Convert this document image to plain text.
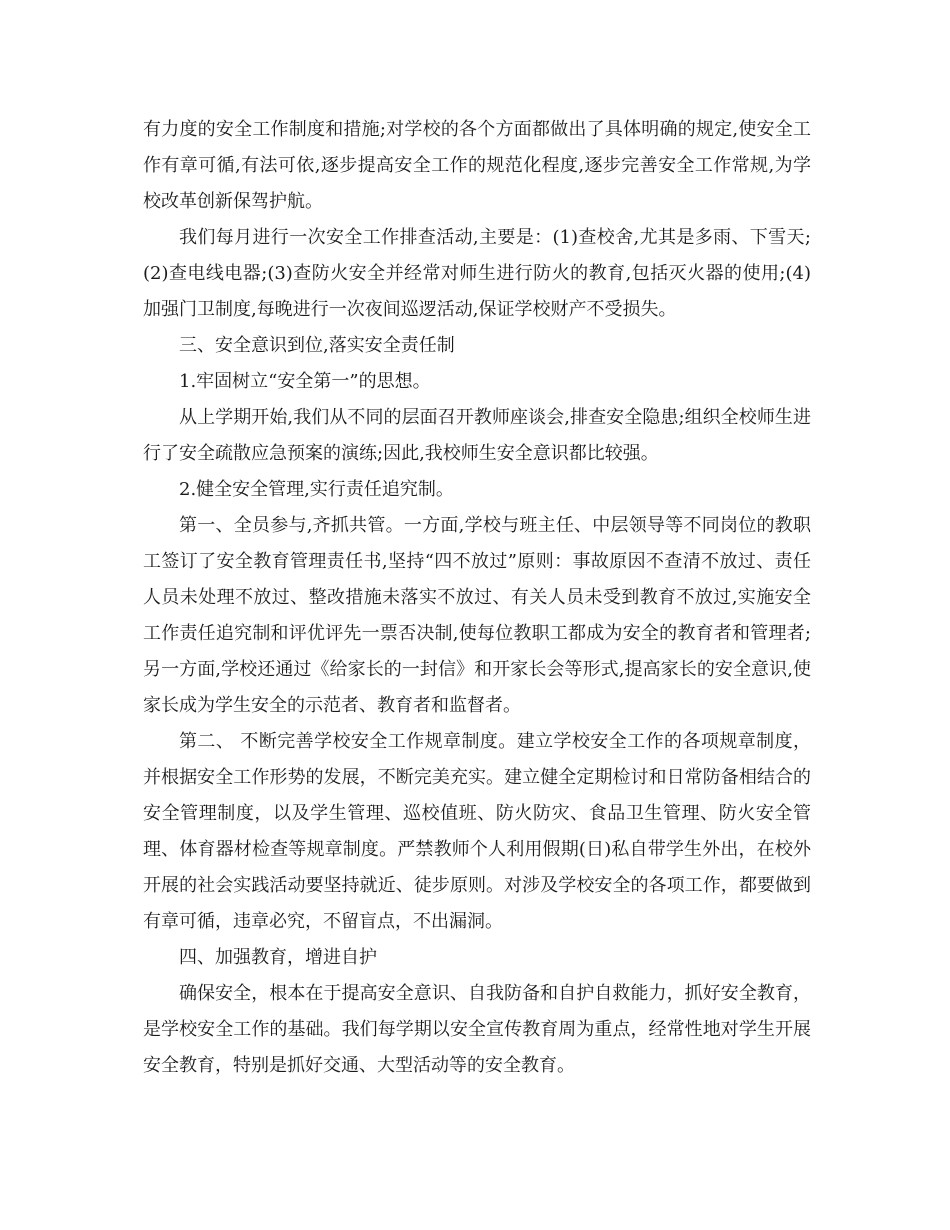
有力度的安全工作制度和措施;对学校的各个方面都做出了具体明确的规定,使安全工作有章可循,有法可依,逐步提高安全工作的规范化程度,逐步完善安全工作常规,为学校改革创新保驾护航。

我们每月进行一次安全工作排查活动,主要是：(1)查校舍,尤其是多雨、下雪天;(2)查电线电器;(3)查防火安全并经常对师生进行防火的教育,包括灭火器的使用;(4)加强门卫制度,每晚进行一次夜间巡逻活动,保证学校财产不受损失。

三、安全意识到位,落实安全责任制

1.牢固树立“安全第一”的思想。

从上学期开始,我们从不同的层面召开教师座谈会,排查安全隐患;组织全校师生进行了安全疏散应急预案的演练;因此,我校师生安全意识都比较强。

2.健全安全管理,实行责任追究制。

第一、全员参与,齐抓共管。一方面,学校与班主任、中层领导等不同岗位的教职工签订了安全教育管理责任书,坚持“四不放过”原则：事故原因不查清不放过、责任人员未处理不放过、整改措施未落实不放过、有关人员未受到教育不放过,实施安全工作责任追究制和评优评先一票否决制,使每位教职工都成为安全的教育者和管理者;另一方面,学校还通过《给家长的一封信》和开家长会等形式,提高家长的安全意识,使家长成为学生安全的示范者、教育者和监督者。

第二、 不断完善学校安全工作规章制度。建立学校安全工作的各项规章制度，并根据安全工作形势的发展，不断完美充实。建立健全定期检讨和日常防备相结合的安全管理制度，以及学生管理、巡校值班、防火防灾、食品卫生管理、防火安全管理、体育器材检查等规章制度。严禁教师个人利用假期(日)私自带学生外出，在校外开展的社会实践活动要坚持就近、徒步原则。对涉及学校安全的各项工作，都要做到有章可循，违章必究，不留盲点，不出漏洞。

四、加强教育，增进自护

确保安全，根本在于提高安全意识、自我防备和自护自救能力，抓好安全教育，是学校安全工作的基础。我们每学期以安全宣传教育周为重点，经常性地对学生开展安全教育，特别是抓好交通、大型活动等的安全教育。
